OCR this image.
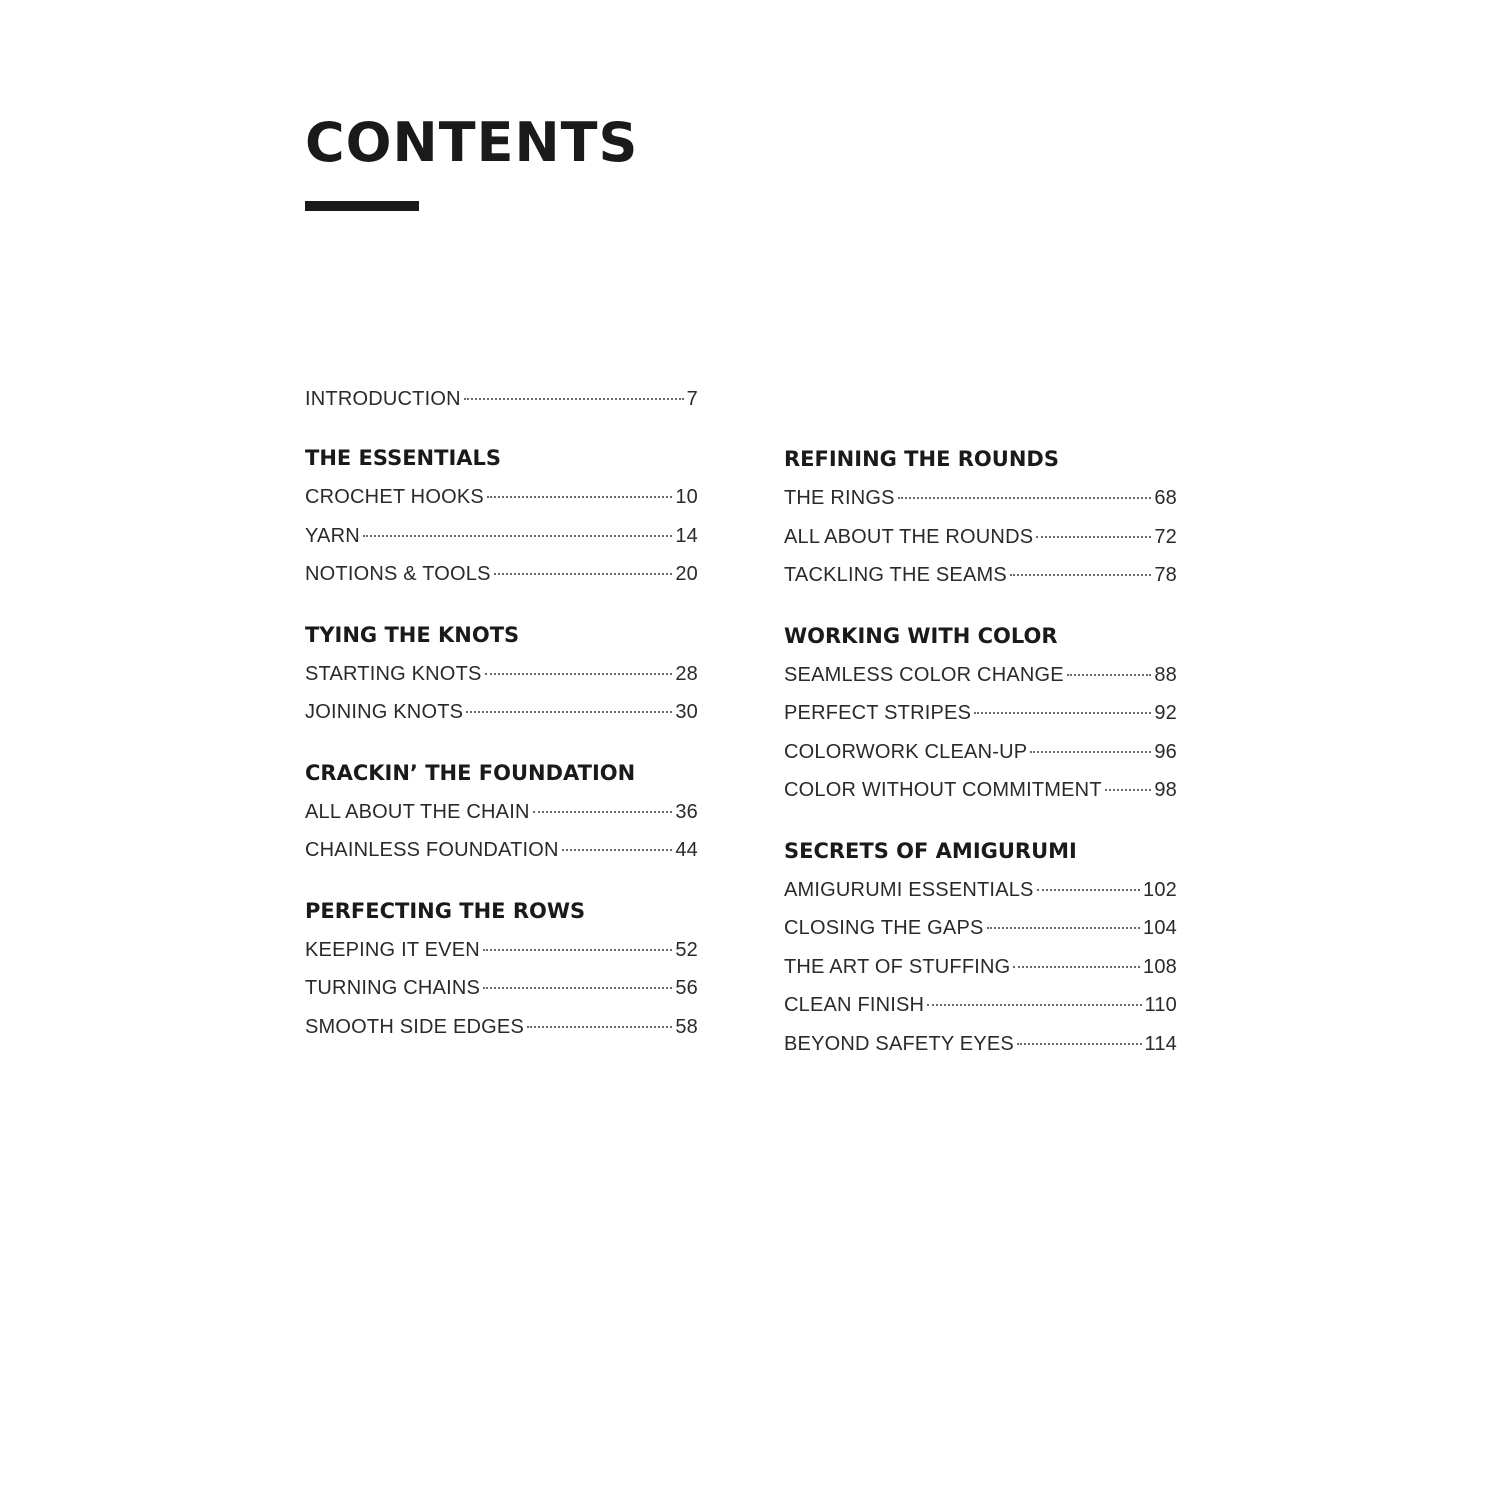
CONTENTS
INTRODUCTION	7
THE ESSENTIALS
CROCHET HOOKS	10
YARN	14
NOTIONS & TOOLS	20
TYING THE KNOTS
STARTING KNOTS	28
JOINING KNOTS	30
CRACKIN’ THE FOUNDATION
ALL ABOUT THE CHAIN	36
CHAINLESS FOUNDATION	44
PERFECTING THE ROWS
KEEPING IT EVEN	52
TURNING CHAINS	56
SMOOTH SIDE EDGES	58
REFINING THE ROUNDS
THE RINGS	68
ALL ABOUT THE ROUNDS	72
TACKLING THE SEAMS	78
WORKING WITH COLOR
SEAMLESS COLOR CHANGE	88
PERFECT STRIPES	92
COLORWORK CLEAN-UP	96
COLOR WITHOUT COMMITMENT	98
SECRETS OF AMIGURUMI
AMIGURUMI ESSENTIALS	102
CLOSING THE GAPS	104
THE ART OF STUFFING	108
CLEAN FINISH	110
BEYOND SAFETY EYES	114
